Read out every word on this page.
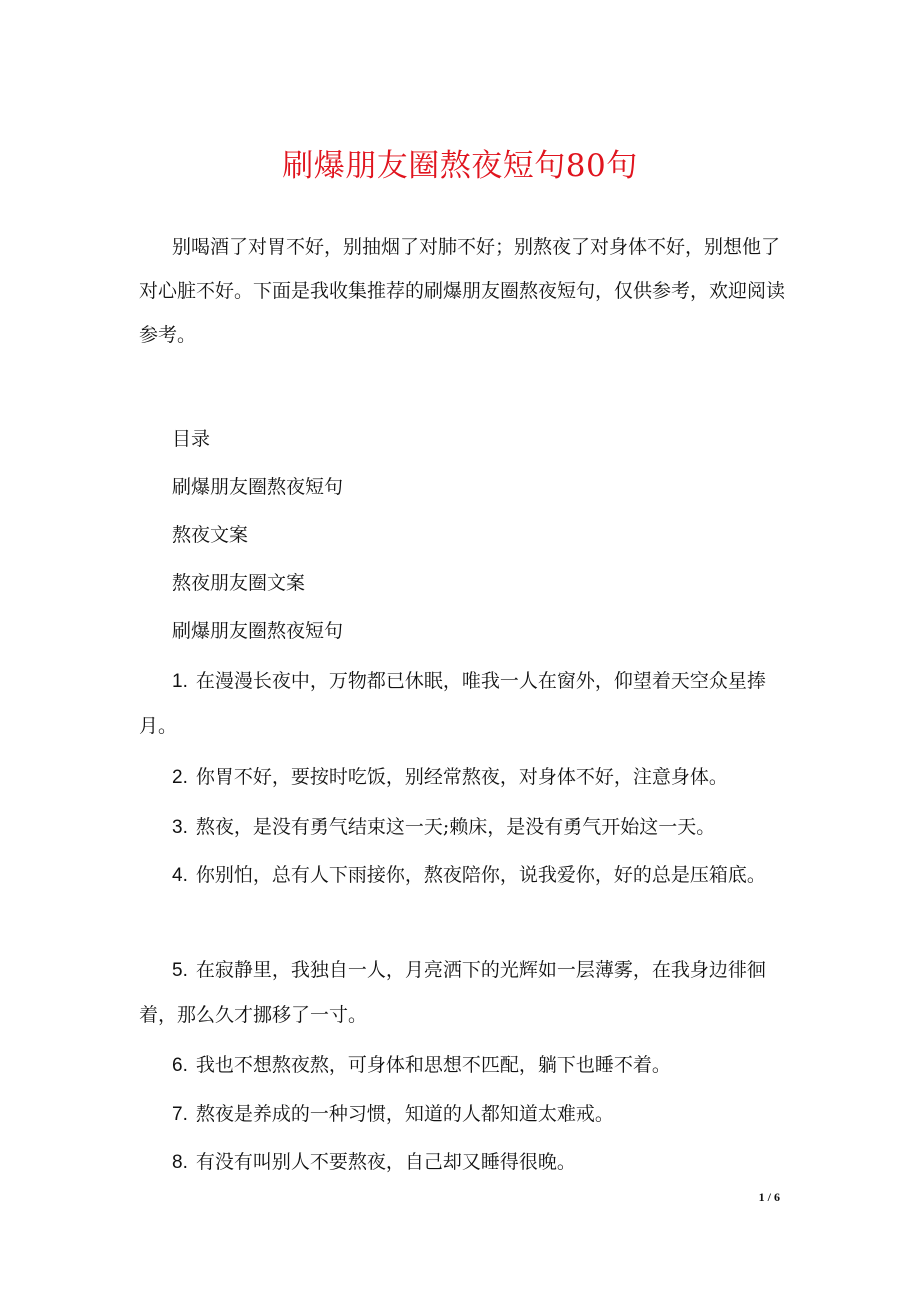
刷爆朋友圈熬夜短句80句

别喝酒了对胃不好，别抽烟了对肺不好；别熬夜了对身体不好，别想他了对心脏不好。下面是我收集推荐的刷爆朋友圈熬夜短句，仅供参考，欢迎阅读参考。

目录

刷爆朋友圈熬夜短句

熬夜文案

熬夜朋友圈文案

刷爆朋友圈熬夜短句

1. 在漫漫长夜中，万物都已休眠，唯我一人在窗外，仰望着天空众星捧月。

2. 你胃不好，要按时吃饭，别经常熬夜，对身体不好，注意身体。

3. 熬夜，是没有勇气结束这一天;赖床，是没有勇气开始这一天。

4. 你别怕，总有人下雨接你，熬夜陪你，说我爱你，好的总是压箱底。

5. 在寂静里，我独自一人，月亮洒下的光辉如一层薄雾，在我身边徘徊着，那么久才挪移了一寸。

6. 我也不想熬夜熬，可身体和思想不匹配，躺下也睡不着。

7. 熬夜是养成的一种习惯，知道的人都知道太难戒。

8. 有没有叫别人不要熬夜，自己却又睡得很晚。

1 / 6
